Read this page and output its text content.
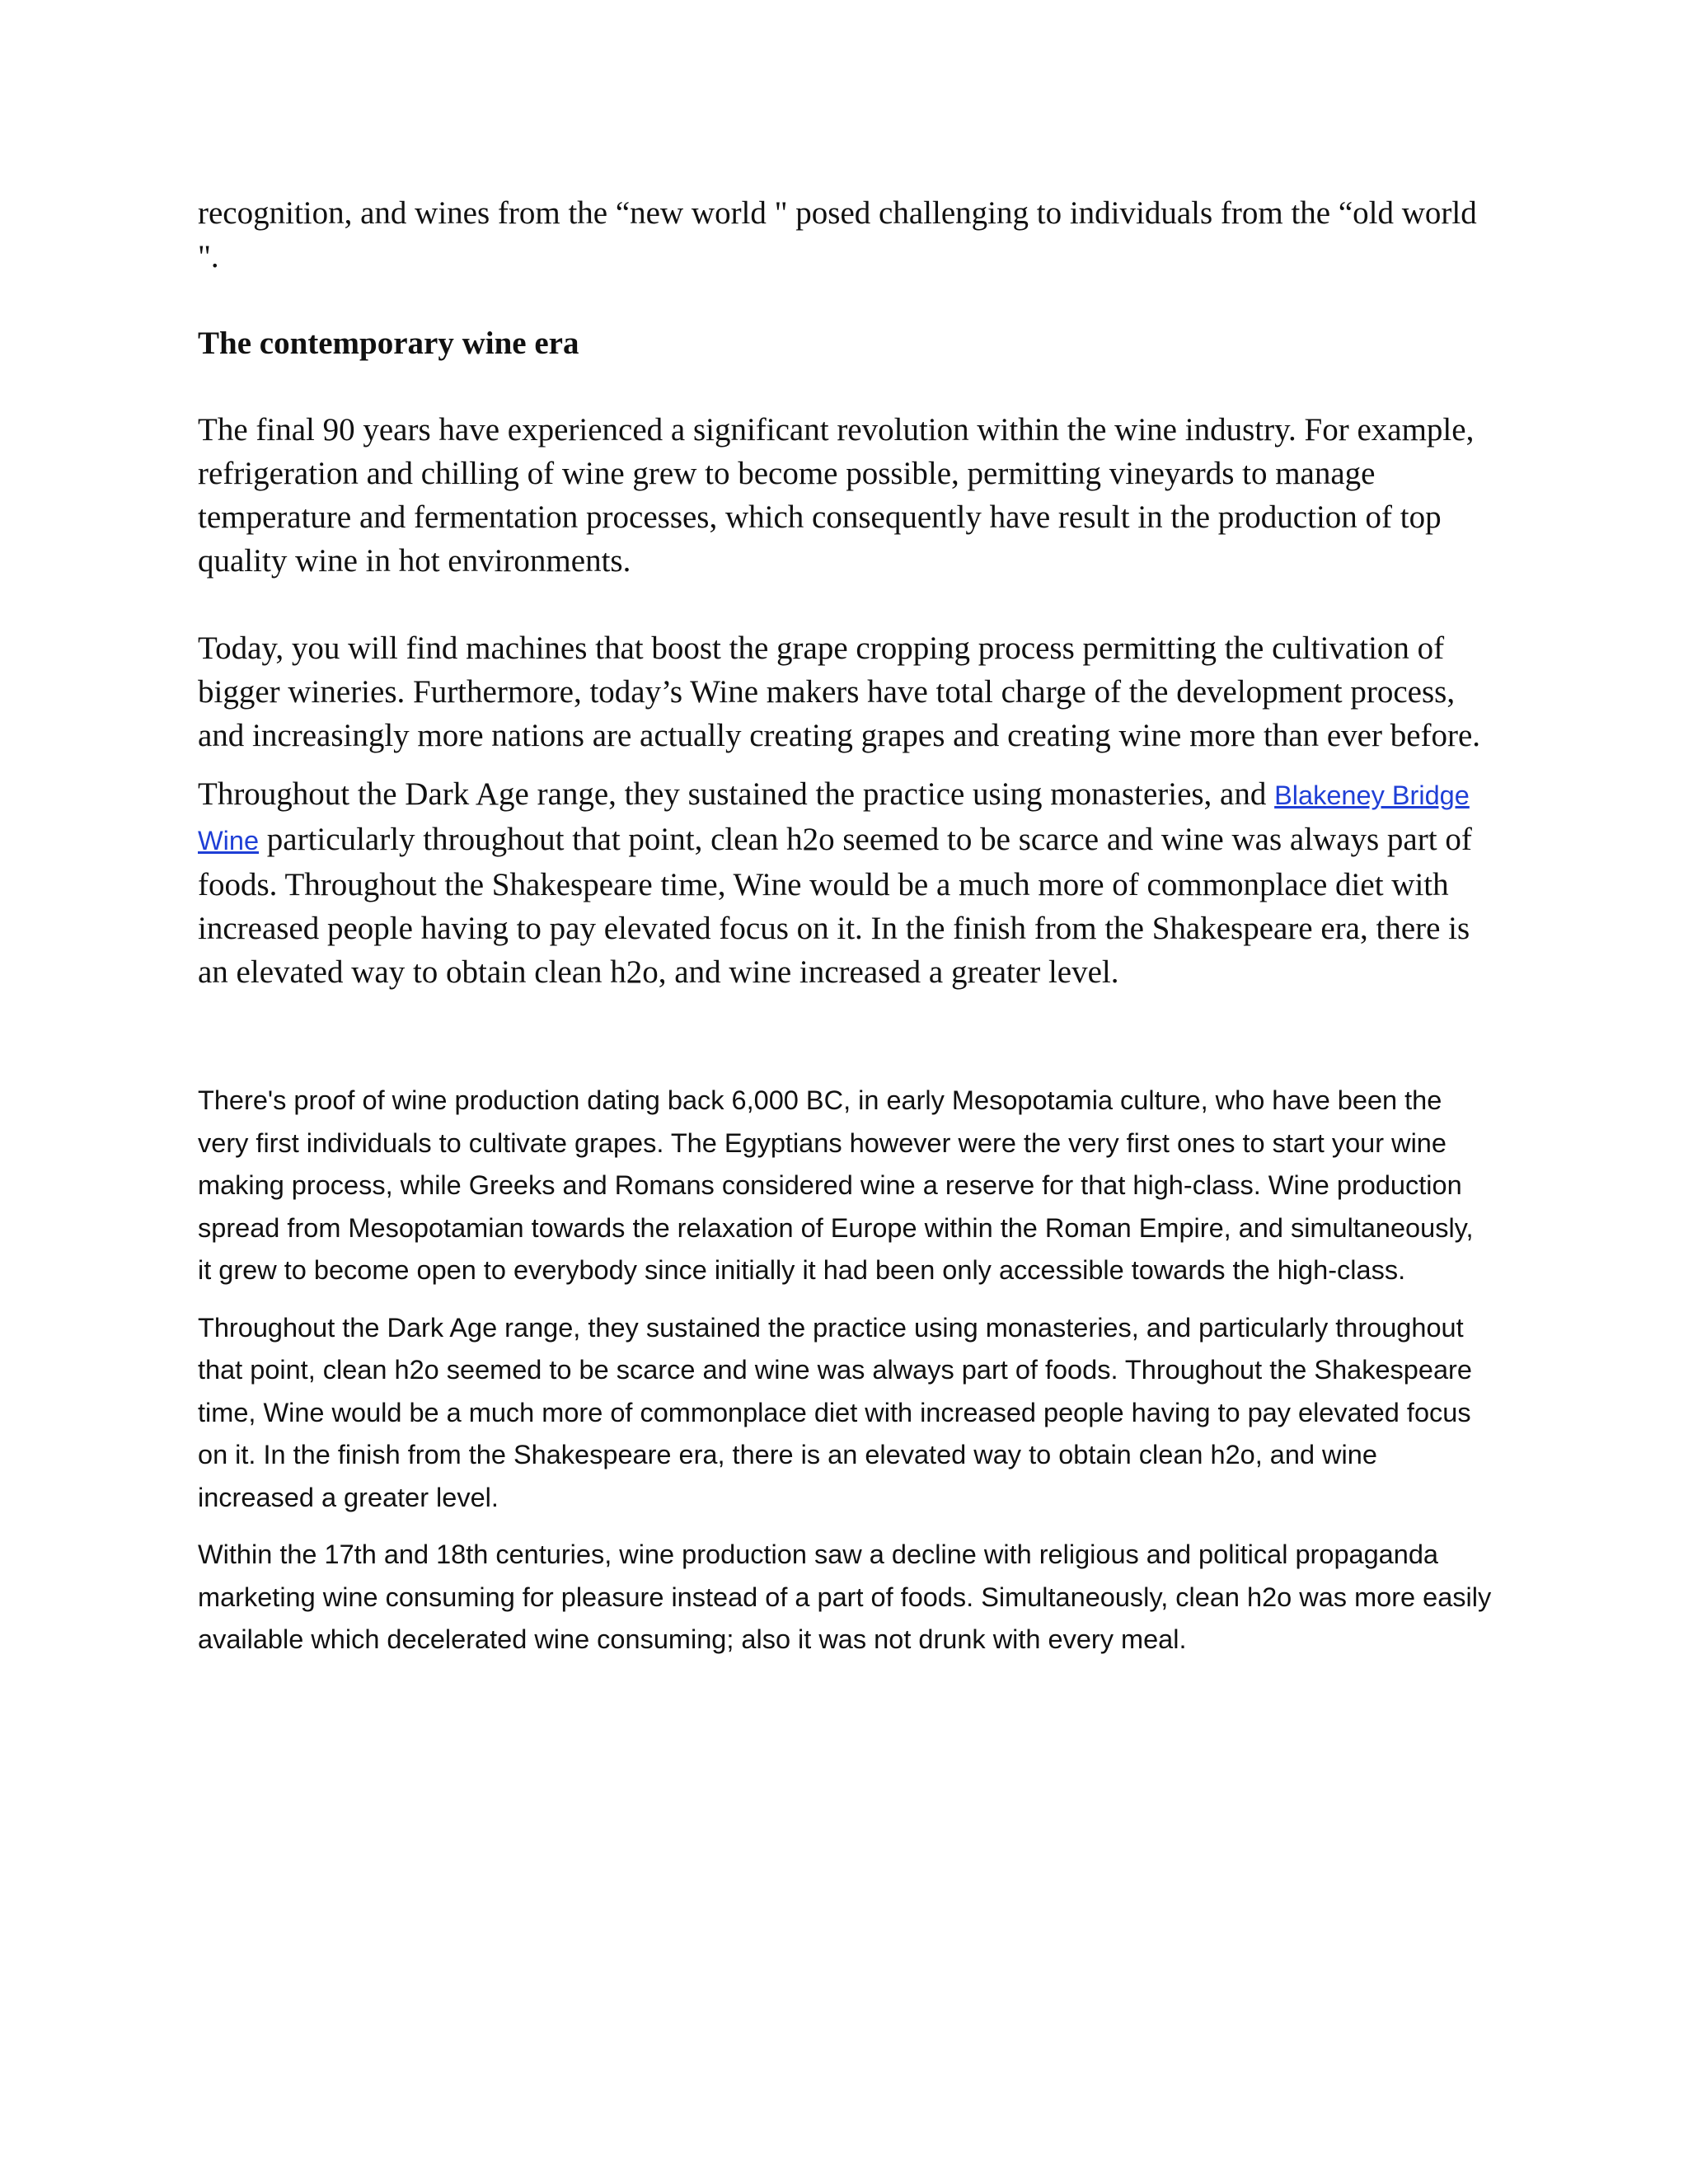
recognition, and wines from the “new world " posed challenging to individuals from the “old world ".

The contemporary wine era

The final 90 years have experienced a significant revolution within the wine industry. For example, refrigeration and chilling of wine grew to become possible, permitting vineyards to manage temperature and fermentation processes, which consequently have result in the production of top quality wine in hot environments.

Today, you will find machines that boost the grape cropping process permitting the cultivation of bigger wineries. Furthermore, today’s Wine makers have total charge of the development process, and increasingly more nations are actually creating grapes and creating wine more than ever before.

Throughout the Dark Age range, they sustained the practice using monasteries, and Blakeney Bridge Wine particularly throughout that point, clean h2o seemed to be scarce and wine was always part of foods. Throughout the Shakespeare time, Wine would be a much more of commonplace diet with increased people having to pay elevated focus on it. In the finish from the Shakespeare era, there is an elevated way to obtain clean h2o, and wine increased a greater level.

There's proof of wine production dating back 6,000 BC, in early Mesopotamia culture, who have been the very first individuals to cultivate grapes. The Egyptians however were the very first ones to start your wine making process, while Greeks and Romans considered wine a reserve for that high-class. Wine production spread from Mesopotamian towards the relaxation of Europe within the Roman Empire, and simultaneously, it grew to become open to everybody since initially it had been only accessible towards the high-class.

Throughout the Dark Age range, they sustained the practice using monasteries, and particularly throughout that point, clean h2o seemed to be scarce and wine was always part of foods. Throughout the Shakespeare time, Wine would be a much more of commonplace diet with increased people having to pay elevated focus on it. In the finish from the Shakespeare era, there is an elevated way to obtain clean h2o, and wine increased a greater level.

Within the 17th and 18th centuries, wine production saw a decline with religious and political propaganda marketing wine consuming for pleasure instead of a part of foods. Simultaneously, clean h2o was more easily available which decelerated wine consuming; also it was not drunk with every meal.
